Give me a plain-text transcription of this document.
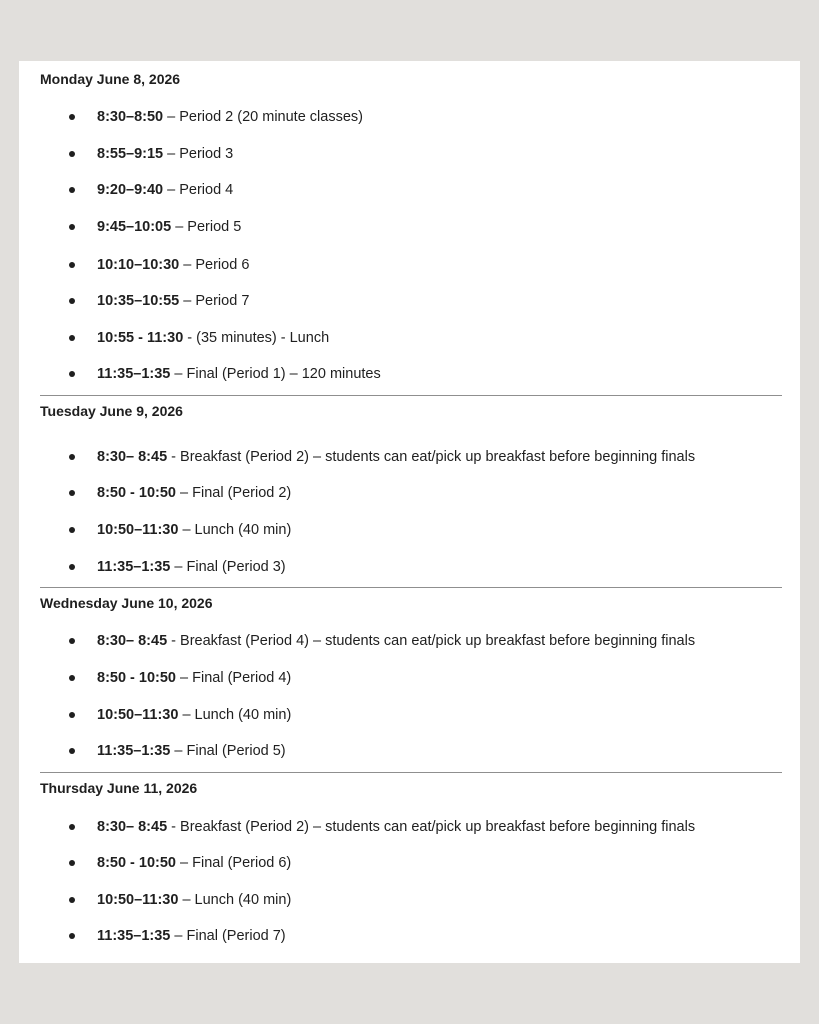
Monday June 8, 2026
8:30–8:50 – Period 2 (20 minute classes)
8:55–9:15 – Period 3
9:20–9:40 – Period 4
9:45–10:05 – Period 5
10:10–10:30 – Period 6
10:35–10:55 – Period 7
10:55 - 11:30 - (35 minutes) - Lunch
11:35–1:35 – Final (Period 1) – 120 minutes
Tuesday June 9, 2026
8:30– 8:45 - Breakfast (Period 2) – students can eat/pick up breakfast before beginning finals
8:50 - 10:50 – Final (Period 2)
10:50–11:30 – Lunch (40 min)
11:35–1:35 – Final (Period 3)
Wednesday June 10, 2026
8:30– 8:45 - Breakfast (Period 4) – students can eat/pick up breakfast before beginning finals
8:50 - 10:50 – Final (Period 4)
10:50–11:30 – Lunch (40 min)
11:35–1:35 – Final (Period 5)
Thursday June 11, 2026
8:30– 8:45 - Breakfast (Period 2) – students can eat/pick up breakfast before beginning finals
8:50 - 10:50 – Final (Period 6)
10:50–11:30 – Lunch (40 min)
11:35–1:35 – Final (Period 7)
